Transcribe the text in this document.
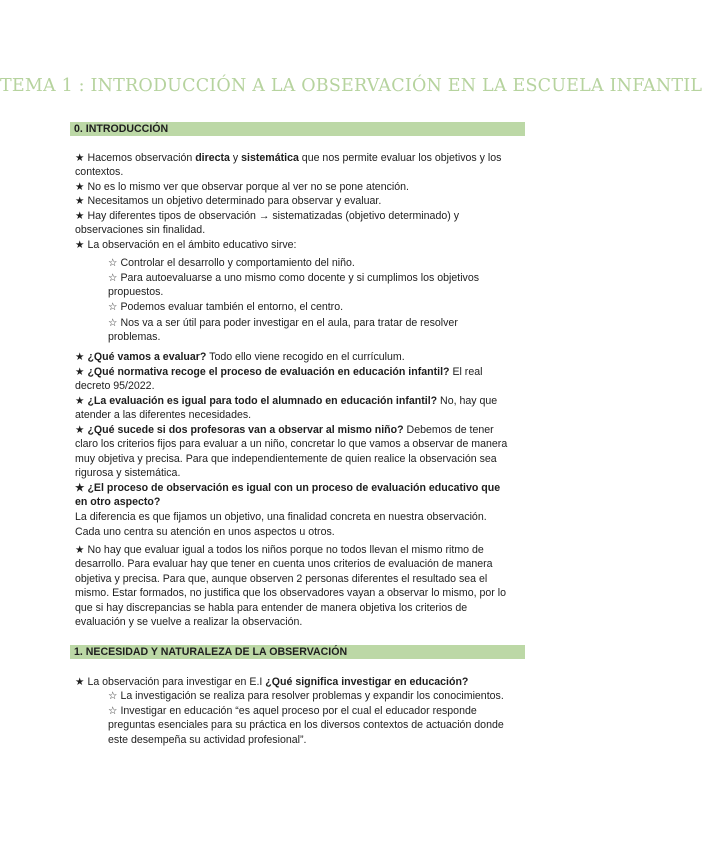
TEMA 1 : INTRODUCCIÓN A LA OBSERVACIÓN EN LA ESCUELA INFANTIL
0. INTRODUCCIÓN
★ Hacemos observación directa y sistemática que nos permite evaluar los objetivos y los
contextos.
★ No es lo mismo ver que observar porque al ver no se pone atención.
★ Necesitamos un objetivo determinado para observar y evaluar.
★ Hay diferentes tipos de observación → sistematizadas (objetivo determinado) y
observaciones sin finalidad.
★ La observación en el ámbito educativo sirve:
☆ Controlar el desarrollo y comportamiento del niño.
☆ Para autoevaluarse a uno mismo como docente y si cumplimos los objetivos
propuestos.
☆ Podemos evaluar también el entorno, el centro.
☆ Nos va a ser útil para poder investigar en el aula, para tratar de resolver
problemas.
★ ¿Qué vamos a evaluar? Todo ello viene recogido en el currículum.
★ ¿Qué normativa recoge el proceso de evaluación en educación infantil? El real
decreto 95/2022.
★ ¿La evaluación es igual para todo el alumnado en educación infantil? No, hay que
atender a las diferentes necesidades.
★ ¿Qué sucede si dos profesoras van a observar al mismo niño? Debemos de tener
claro los criterios fijos para evaluar a un niño, concretar lo que vamos a observar de manera
muy objetiva y precisa. Para que independientemente de quien realice la observación sea
rigurosa y sistemática.
★ ¿El proceso de observación es igual con un proceso de evaluación educativo que
en otro aspecto?
La diferencia es que fijamos un objetivo, una finalidad concreta en nuestra observación.
Cada uno centra su atención en unos aspectos u otros.
★ No hay que evaluar igual a todos los niños porque no todos llevan el mismo ritmo de
desarrollo. Para evaluar hay que tener en cuenta unos criterios de evaluación de manera
objetiva y precisa. Para que, aunque observen 2 personas diferentes el resultado sea el
mismo. Estar formados, no justifica que los observadores vayan a observar lo mismo, por lo
que si hay discrepancias se habla para entender de manera objetiva los criterios de
evaluación y se vuelve a realizar la observación.
1. NECESIDAD Y NATURALEZA DE LA OBSERVACIÓN
★ La observación para investigar en E.I ¿Qué significa investigar en educación?
☆ La investigación se realiza para resolver problemas y expandir los conocimientos.
☆ Investigar en educación “es aquel proceso por el cual el educador responde
preguntas esenciales para su práctica en los diversos contextos de actuación donde
este desempeña su actividad profesional”.
